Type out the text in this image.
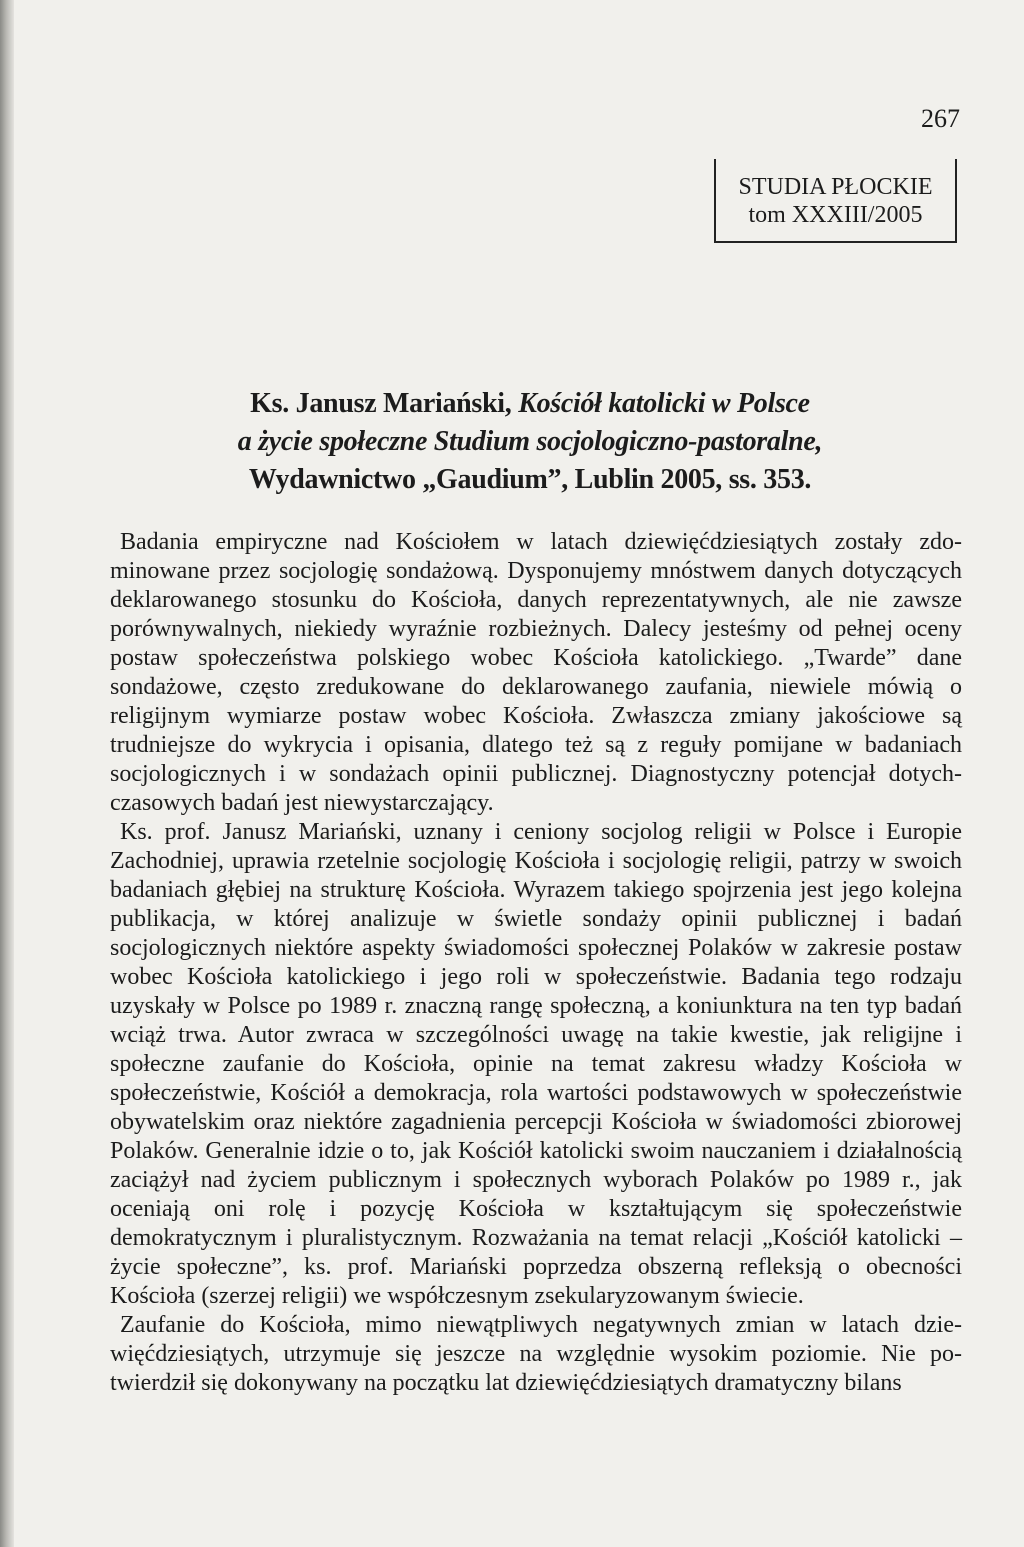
267
STUDIA PŁOCKIE
tom XXXIII/2005
Ks. Janusz Mariański, Kościół katolicki w Polsce
a życie społeczne Studium socjologiczno-pastoralne,
Wydawnictwo „Gaudium”, Lublin 2005, ss. 353.

Badania empiryczne nad Kościołem w latach dziewięćdziesiątych zostały zdominowane przez socjologię sondażową. Dysponujemy mnóstwem danych dotyczących deklarowanego stosunku do Kościoła, danych reprezentatywnych, ale nie zawsze porównywalnych, niekiedy wyraźnie rozbieżnych. Dalecy jesteśmy od pełnej oceny postaw społeczeństwa polskiego wobec Kościoła katolickiego. „Twarde” dane sondażowe, często zredukowane do deklarowanego zaufania, niewiele mówią o religijnym wymiarze postaw wobec Kościoła. Zwłaszcza zmiany jakościowe są trudniejsze do wykrycia i opisania, dlatego też są z reguły pomijane w badaniach socjologicznych i w sondażach opinii publicznej. Diagnostyczny potencjał dotychczasowych badań jest niewystarczający.

Ks. prof. Janusz Mariański, uznany i ceniony socjolog religii w Polsce i Europie Zachodniej, uprawia rzetelnie socjologię Kościoła i socjologię religii, patrzy w swoich badaniach głębiej na strukturę Kościoła. Wyrazem takiego spojrzenia jest jego kolejna publikacja, w której analizuje w świetle sondaży opinii publicznej i badań socjologicznych niektóre aspekty świadomości społecznej Polaków w zakresie postaw wobec Kościoła katolickiego i jego roli w społeczeństwie. Badania tego rodzaju uzyskały w Polsce po 1989 r. znaczną rangę społeczną, a koniunktura na ten typ badań wciąż trwa. Autor zwraca w szczególności uwagę na takie kwestie, jak religijne i społeczne zaufanie do Kościoła, opinie na temat zakresu władzy Kościoła w społeczeństwie, Kościół a demokracja, rola wartości podstawowych w społeczeństwie obywatelskim oraz niektóre zagadnienia percepcji Kościoła w świadomości zbiorowej Polaków. Generalnie idzie o to, jak Kościół katolicki swoim nauczaniem i działalnością zaciążył nad życiem publicznym i społecznych wyborach Polaków po 1989 r., jak oceniają oni rolę i pozycję Kościoła w kształtującym się społeczeństwie demokratycznym i pluralistycznym. Rozważania na temat relacji „Kościół katolicki – życie społeczne”, ks. prof. Mariański poprzedza obszerną refleksją o obecności Kościoła (szerzej religii) we współczesnym zsekularyzowanym świecie.

Zaufanie do Kościoła, mimo niewątpliwych negatywnych zmian w latach dziewięćdziesiątych, utrzymuje się jeszcze na względnie wysokim poziomie. Nie potwierdził się dokonywany na początku lat dziewięćdziesiątych dramatyczny bilans
